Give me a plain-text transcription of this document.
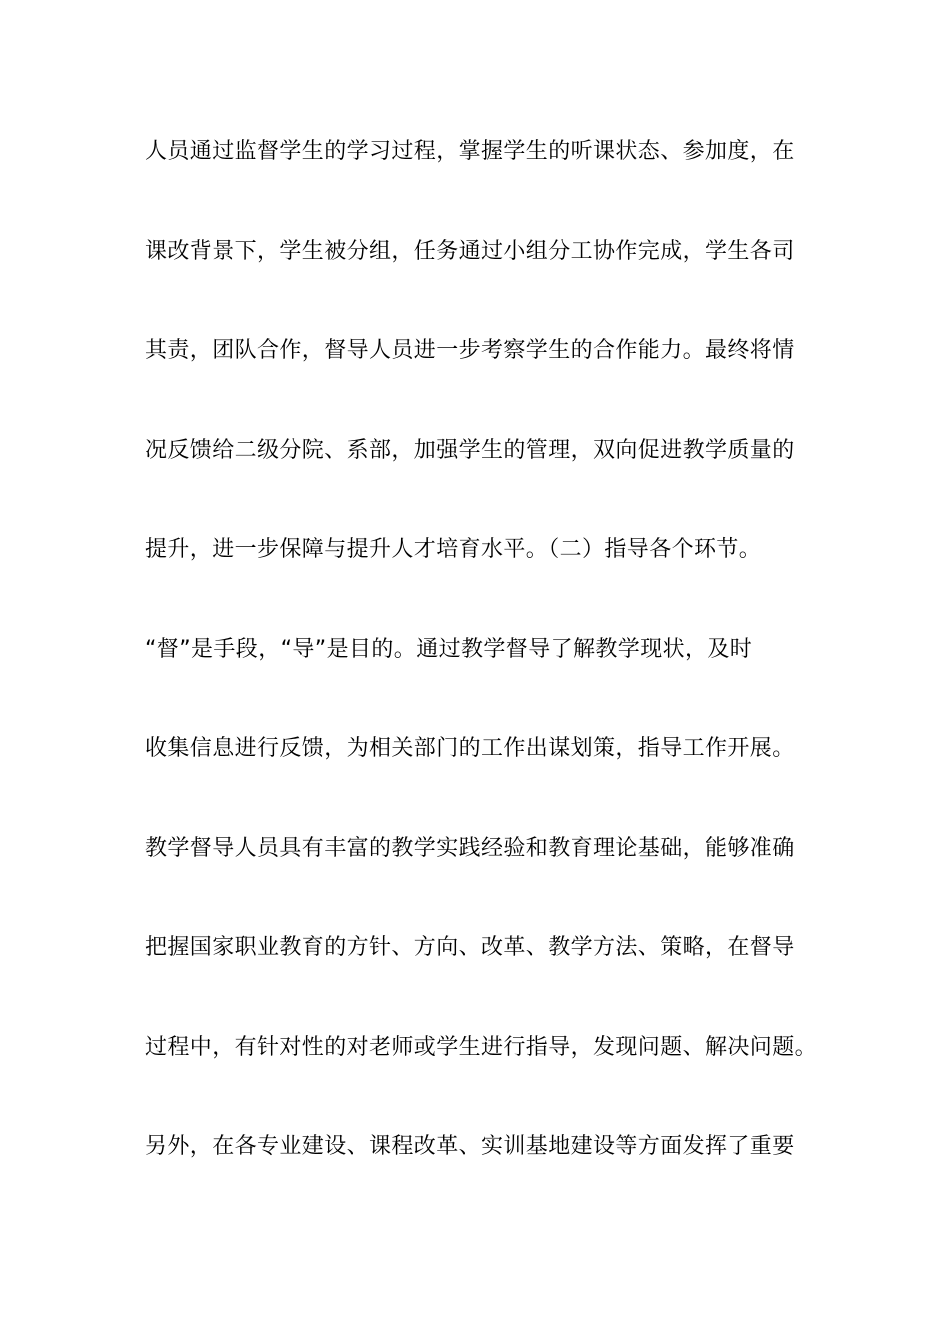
人员通过监督学生的学习过程，掌握学生的听课状态、参加度，在
课改背景下，学生被分组，任务通过小组分工协作完成，学生各司
其责，团队合作，督导人员进一步考察学生的合作能力。最终将情
况反馈给二级分院、系部，加强学生的管理，双向促进教学质量的
提升，进一步保障与提升人才培育水平。（二）指导各个环节。
“督”是手段，“导”是目的。通过教学督导了解教学现状，及时
收集信息进行反馈，为相关部门的工作出谋划策，指导工作开展。
教学督导人员具有丰富的教学实践经验和教育理论基础，能够准确
把握国家职业教育的方针、方向、改革、教学方法、策略，在督导
过程中，有针对性的对老师或学生进行指导，发现问题、解决问题。
另外，在各专业建设、课程改革、实训基地建设等方面发挥了重要
